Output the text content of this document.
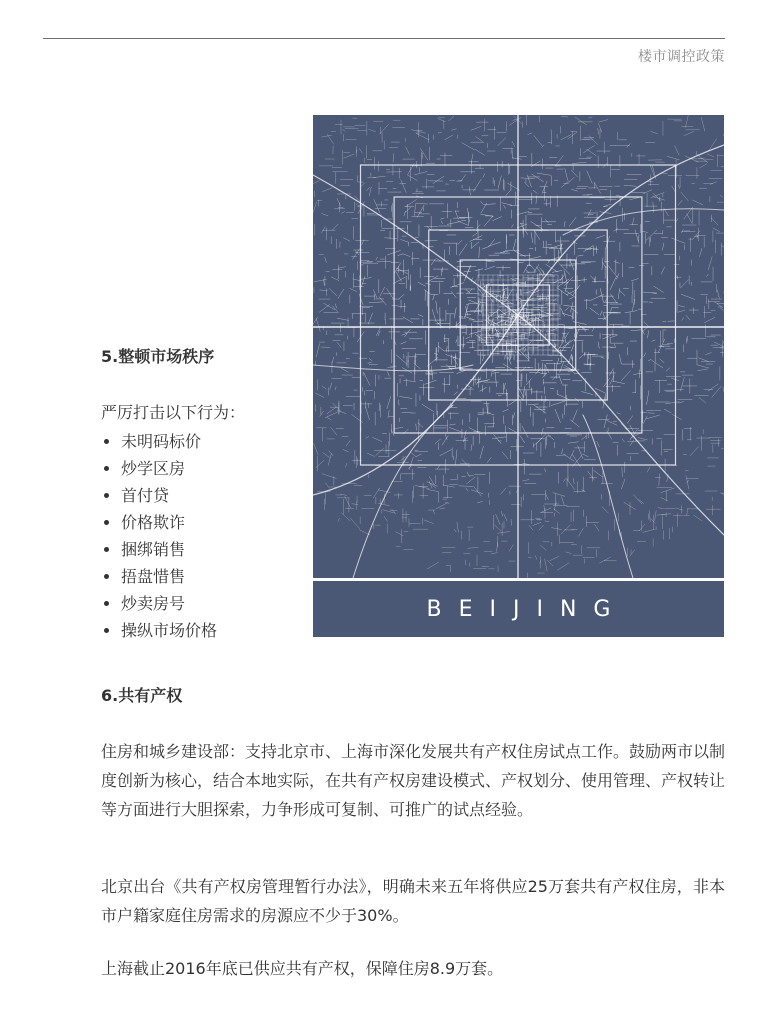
楼市调控政策
5.整顿市场秩序
严厉打击以下行为：
未明码标价
炒学区房
首付贷
价格欺诈
捆绑销售
捂盘惜售
炒卖房号
操纵市场价格
BEIJING
6.共有产权

住房和城乡建设部：支持北京市、上海市深化发展共有产权住房试点工作。鼓励两市以制度创新为核心，结合本地实际，在共有产权房建设模式、产权划分、使用管理、产权转让等方面进行大胆探索，力争形成可复制、可推广的试点经验。

北京出台《共有产权房管理暂行办法》，明确未来五年将供应25万套共有产权住房，非本市户籍家庭住房需求的房源应不少于30%。

上海截止2016年底已供应共有产权，保障住房8.9万套。
